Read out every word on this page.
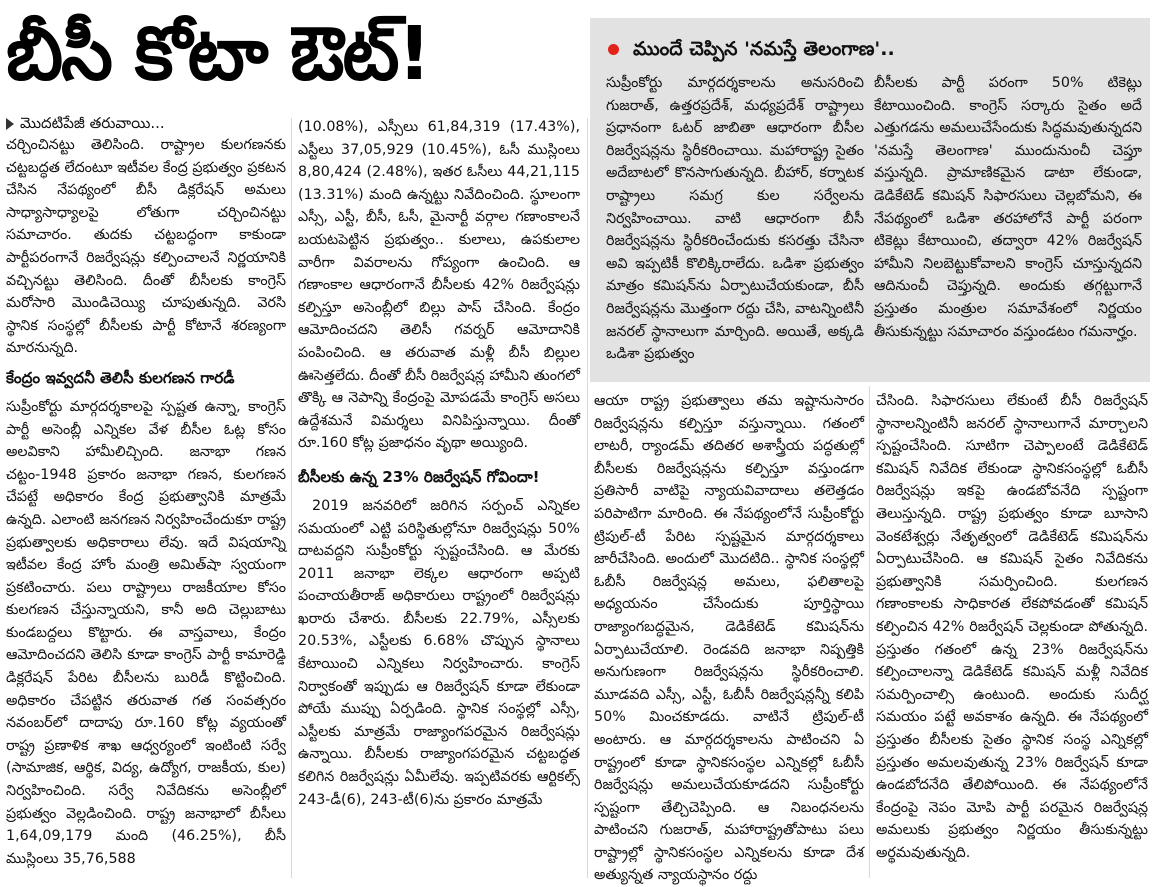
బీసీ కోటా ఔట్‌!
మొదటిపేజీ తరువాయి...

చర్చించినట్టు తెలిసింది. రాష్ట్రాల కులగణనకు చట్టబద్ధత లేదంటూ ఇటీవల కేంద్ర ప్రభుత్వం ప్రకటన చేసిన నేపథ్యంలో బీసీ డిక్లరేషన్‌ అమలు సాధ్యాసాధ్యాలపై లోతుగా చర్చించినట్టు సమాచారం. తుదకు చట్టబద్ధంగా కాకుండా పార్టీపరంగానే రిజర్వేషన్లు కల్పించాలనే నిర్ణయానికి వచ్చినట్టు తెలిసింది. దీంతో బీసీలకు కాంగ్రెస్‌ మరోసారి మొండిచెయ్యి చూపుతున్నది. వెరసి స్థానిక సంస్థల్లో బీసీలకు పార్టీ కోటానే శరణ్యంగా మారనున్నది.

కేంద్రం ఇవ్వదనీ తెలిసీ కులగణన గారడీ

సుప్రీంకోర్టు మార్గదర్శకాలపై స్పష్టత ఉన్నా, కాంగ్రెస్‌ పార్టీ అసెంబ్లీ ఎన్నికల వేళ బీసీల ఓట్ల కోసం అలవికాని హామీలిచ్చింది. జనాభా గణన చట్టం-1948 ప్రకారం జనాభా గణన, కులగణన చేపట్టే అధికారం కేంద్ర ప్రభుత్వానికి మాత్రమే ఉన్నది. ఎలాంటి జనగణన నిర్వహించేందుకూ రాష్ట్ర ప్రభుత్వాలకు అధికారాలు లేవు. ఇదే విషయాన్ని ఇటీవల కేంద్ర హోం మంత్రి అమిత్‌షా స్వయంగా ప్రకటించారు. పలు రాష్ట్రాలు రాజకీయాల కోసం కులగణన చేస్తున్నాయని, కానీ అది చెల్లుబాటు కుండబద్దలు కొట్టారు. ఈ వాస్తవాలు, కేంద్రం ఆమోదించదని తెలిసి కూడా కాంగ్రెస్‌ పార్టీ కామారెడ్డి డిక్లరేషన్‌ పేరిట బీసీలను బురిడీ కొట్టించింది. అధికారం చేపట్టిన తరువాత గత సంవత్సరం నవంబర్‌లో దాదాపు రూ.160 కోట్ల వ్యయంతో రాష్ట్ర ప్రణాళిక శాఖ ఆధ్వర్యంలో ఇంటింటి సర్వే (సామాజిక, ఆర్థిక, విద్య, ఉద్యోగ, రాజకీయ, కుల) నిర్వహించింది. సర్వే నివేదికను అసెంబ్లీలో ప్రభుత్వం వెల్లడించింది. రాష్ట్ర జనాభాలో బీసీలు 1,64,09,179 మంది (46.25%), బీసీ ముస్లింలు 35,76,588

(10.08%), ఎస్సీలు 61,84,319 (17.43%), ఎస్టీలు 37,05,929 (10.45%), ఓసీ ముస్లింలు 8,80,424 (2.48%), ఇతర ఓసీలు 44,21,115 (13.31%) మంది ఉన్నట్టు నివేదించింది. స్థూలంగా ఎస్సీ, ఎస్టీ, బీసీ, ఓసీ, మైనార్టీ వర్గాల గణాంకాలనే బయటపెట్టిన ప్రభుత్వం.. కులాలు, ఉపకులాల వారీగా వివరాలను గోప్యంగా ఉంచింది. ఆ గణాంకాల ఆధారంగానే బీసీలకు 42% రిజర్వేషన్లు కల్పిస్తూ అసెంబ్లీలో బిల్లు పాస్‌ చేసింది. కేంద్రం ఆమోదించదని తెలిసీ గవర్నర్‌ ఆమోదానికి పంపించింది. ఆ తరువాత మళ్లీ బీసీ బిల్లుల ఊసెత్తలేదు. దీంతో బీసీ రిజర్వేషన్ల హామీని తుంగలో తొక్కి ఆ నెపాన్ని కేంద్రంపై మోపడమే కాంగ్రెస్‌ అసలు ఉద్దేశమనే విమర్శలు వినిపిస్తున్నాయి. దీంతో రూ.160 కోట్ల ప్రజాధనం వృథా అయ్యింది.

బీసీలకు ఉన్న 23% రిజర్వేషన్‌ గోవిందా!

2019 జనవరిలో జరిగిన సర్పంచ్‌ ఎన్నికల సమయంలో ఎట్టి పరిస్థితుల్లోనూ రిజర్వేషన్లు 50% దాటవద్దని సుప్రీంకోర్టు స్పష్టంచేసింది. ఆ మేరకు 2011 జనాభా లెక్కల ఆధారంగా అప్పటి పంచాయతీరాజ్‌ అధికారులు రాష్ట్రంలో రిజర్వేషన్లు ఖరారు చేశారు. బీసీలకు 22.79%, ఎస్సీలకు 20.53%, ఎస్టీలకు 6.68% చొప్పున స్థానాలు కేటాయించి ఎన్నికలు నిర్వహించారు. కాంగ్రెస్‌ నిర్వాకంతో ఇప్పుడు ఆ రిజర్వేషన్‌ కూడా లేకుండా పోయే ముప్పు ఏర్పడింది. స్థానిక సంస్థల్లో ఎస్సీ, ఎస్టీలకు మాత్రమే రాజ్యాంగపరమైన రిజర్వేషన్లు ఉన్నాయి. బీసీలకు రాజ్యాంగపరమైన చట్టబద్ధత కలిగిన రిజర్వేషన్లు ఏమీలేవు. ఇప్పటివరకు ఆర్టికల్స్‌ 243-డీ(6), 243-టీ(6)ను ప్రకారం మాత్రమే

ముందే చెప్పిన 'నమస్తే తెలంగాణ'..

సుప్రీంకోర్టు మార్గదర్శకాలను అనుసరించి గుజరాత్‌, ఉత్తరప్రదేశ్‌, మధ్యప్రదేశ్‌ రాష్ట్రాలు ప్రధానంగా ఓటర్‌ జాబితా ఆధారంగా బీసీల రిజర్వేషన్లను స్థిరీకరించాయి. మహారాష్ట్ర సైతం అదేబాటలో కొనసాగుతున్నది. బీహార్‌, కర్నాటక రాష్ట్రాలు సమగ్ర కుల సర్వేలను నిర్వహించాయి. వాటి ఆధారంగా బీసీ రిజర్వేషన్లను స్థిరీకరించేందుకు కసరత్తు చేసినా అవి ఇప్పటికీ కొలిక్కిరాలేదు. ఒడిశా ప్రభుత్వం మాత్రం కమిషన్‌ను ఏర్పాటుచేయకుండా, బీసీ రిజర్వేషన్లను మొత్తంగా రద్దు చేసి, వాటన్నింటినీ జనరల్‌ స్థానాలుగా మార్చింది. అయితే, అక్కడి ఒడిశా ప్రభుత్వం

బీసీలకు పార్టీ పరంగా 50% టికెట్లు కేటాయించింది. కాంగ్రెస్‌ సర్కారు సైతం అదే ఎత్తుగడను అమలుచేసేందుకు సిద్ధమవుతున్నదని 'నమస్తే తెలంగాణ' ముందునుంచీ చెప్తూ వస్తున్నది. ప్రామాణికమైన డాటా లేకుండా, డెడికేటెడ్‌ కమిషన్‌ సిఫారసులు చెల్లబోమని, ఈ నేపథ్యంలో ఒడిశా తరహాలోనే పార్టీ పరంగా టికెట్లు కేటాయించి, తద్వారా 42% రిజర్వేషన్‌ హామీని నిలబెట్టుకోవాలని కాంగ్రెస్‌ చూస్తున్నదని ఆదినుంచీ చెప్తున్నది. అందుకు తగ్గట్టుగానే ప్రస్తుతం మంత్రుల సమావేశంలో నిర్ణయం తీసుకున్నట్టు సమాచారం వస్తుండటం గమనార్హం.

ఆయా రాష్ట్ర ప్రభుత్వాలు తమ ఇష్టానుసారం రిజర్వేషన్లను కల్పిస్తూ వస్తున్నాయి. గతంలో లాటరీ, ర్యాండమ్‌ తదితర అశాస్త్రీయ పద్ధతుల్లో బీసీలకు రిజర్వేషన్లను కల్పిస్తూ వస్తుండగా ప్రతిసారీ వాటిపై న్యాయవివాదాలు తలెత్తడం పరిపాటిగా మారింది. ఈ నేపథ్యంలోనే సుప్రీంకోర్టు ట్రిపుల్‌-టీ పేరిట స్పష్టమైన మార్గదర్శకాలు జారీచేసింది. అందులో మొదటిది.. స్థానిక సంస్థల్లో ఓబీసీ రిజర్వేషన్ల అమలు, ఫలితాలపై అధ్యయనం చేసేందుకు పూర్తిస్థాయి రాజ్యాంగబద్ధమైన, డెడికేటెడ్‌ కమిషన్‌ను ఏర్పాటుచేయాలి. రెండవది జనాభా నిష్పత్తికి అనుగుణంగా రిజర్వేషన్లను స్థిరీకరించాలి. మూడవది ఎస్సీ, ఎస్టీ, ఓబీసీ రిజర్వేషన్లన్నీ కలిపి 50% మించకూడదు. వాటినే ట్రిపుల్‌-టీ అంటారు. ఆ మార్గదర్శకాలను పాటించని ఏ రాష్ట్రంలో కూడా స్థానికసంస్థల ఎన్నికల్లో ఓబీసీ రిజర్వేషన్లు అమలుచేయకూడదని సుప్రీంకోర్టు స్పష్టంగా తేల్చిచెప్పింది. ఆ నిబంధనలను పాటించని గుజరాత్‌, మహారాష్ట్రతోపాటు పలు రాష్ట్రాల్లో స్థానికసంస్థల ఎన్నికలను కూడా దేశ అత్యున్నత న్యాయస్థానం రద్దు

చేసింది. సిఫారసులు లేకుంటే బీసీ రిజర్వేషన్‌ స్థానాలన్నింటినీ జనరల్‌ స్థానాలుగానే మార్చాలని స్పష్టంచేసింది. సూటిగా చెప్పాలంటే డెడికేటెడ్‌ కమిషన్‌ నివేదిక లేకుండా స్థానికసంస్థల్లో ఓబీసీ రిజర్వేషన్లు ఇకపై ఉండబోవనేది స్పష్టంగా తెలుస్తున్నది. రాష్ట్ర ప్రభుత్వం కూడా బూసాని వెంకటేశ్వర్లు నేతృత్వంలో డెడికేటెడ్‌ కమిషన్‌ను ఏర్పాటుచేసింది. ఆ కమిషన్‌ సైతం నివేదికను ప్రభుత్వానికి సమర్పించింది. కులగణన గణాంకాలకు సాధికారత లేకపోవడంతో కమిషన్‌ కల్పించిన 42% రిజర్వేషన్‌ చెల్లకుండా పోతున్నది. ప్రస్తుతం గతంలో ఉన్న 23% రిజర్వేషన్‌ను కల్పించాలన్నా డెడికేటెడ్‌ కమిషన్‌ మళ్లీ నివేదిక సమర్పించాల్సి ఉంటుంది. అందుకు సుదీర్ఘ సమయం పట్టే అవకాశం ఉన్నది. ఈ నేపథ్యంలో ప్రస్తుతం బీసీలకు సైతం స్థానిక సంస్థ ఎన్నికల్లో ప్రస్తుతం అమలవుతున్న 23% రిజర్వేషన్‌ కూడా ఉండబోదనేది తేలిపోయింది. ఈ నేపథ్యంలోనే కేంద్రంపై నెపం మోపి పార్టీ పరమైన రిజర్వేషన్ల అమలుకు ప్రభుత్వం నిర్ణయం తీసుకున్నట్టు అర్థమవుతున్నది.
